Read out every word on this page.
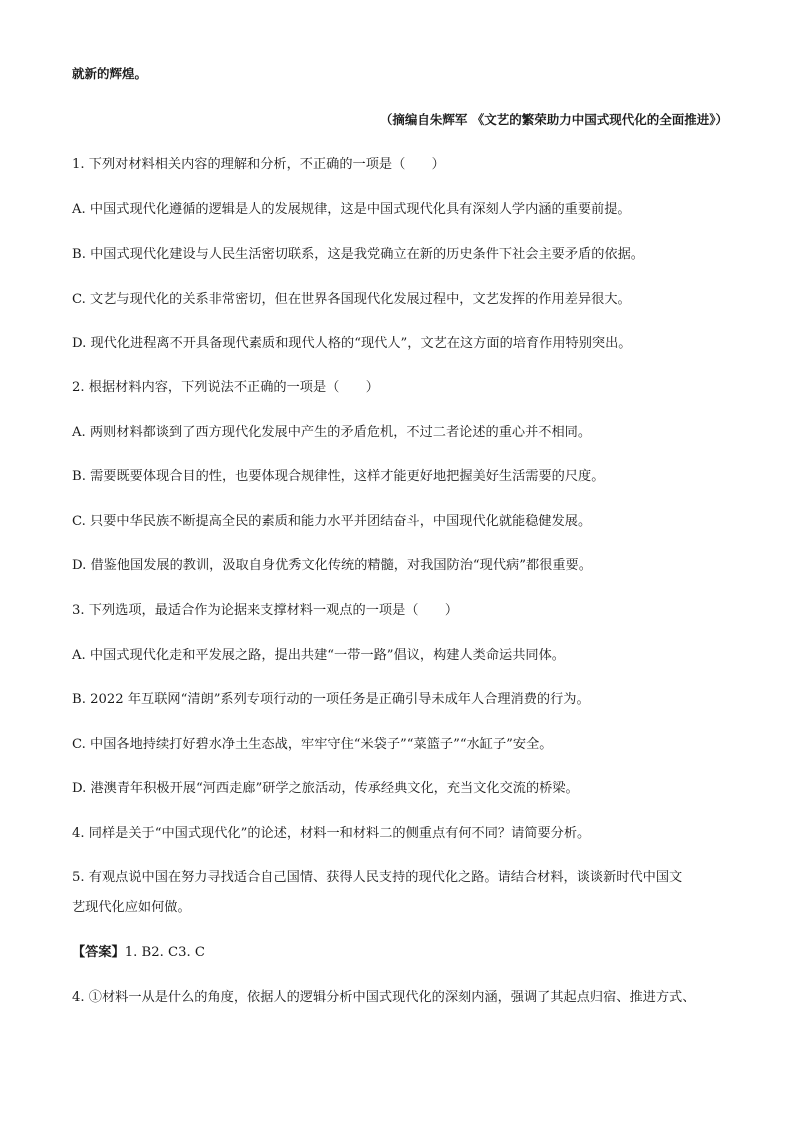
就新的辉煌。
（摘编自朱辉军 《文艺的繁荣助力中国式现代化的全面推进》）
1. 下列对材料相关内容的理解和分析，不正确的一项是（　　）
A. 中国式现代化遵循的逻辑是人的发展规律，这是中国式现代化具有深刻人学内涵的重要前提。
B. 中国式现代化建设与人民生活密切联系，这是我党确立在新的历史条件下社会主要矛盾的依据。
C. 文艺与现代化的关系非常密切，但在世界各国现代化发展过程中，文艺发挥的作用差异很大。
D. 现代化进程离不开具备现代素质和现代人格的“现代人”，文艺在这方面的培育作用特别突出。
2. 根据材料内容，下列说法不正确的一项是（　　）
A. 两则材料都谈到了西方现代化发展中产生的矛盾危机，不过二者论述的重心并不相同。
B. 需要既要体现合目的性，也要体现合规律性，这样才能更好地把握美好生活需要的尺度。
C. 只要中华民族不断提高全民的素质和能力水平并团结奋斗，中国现代化就能稳健发展。
D. 借鉴他国发展的教训，汲取自身优秀文化传统的精髓，对我国防治“现代病”都很重要。
3. 下列选项，最适合作为论据来支撑材料一观点的一项是（　　）
A. 中国式现代化走和平发展之路，提出共建“一带一路”倡议，构建人类命运共同体。
B. 2022 年互联网“清朗”系列专项行动的一项任务是正确引导未成年人合理消费的行为。
C. 中国各地持续打好碧水净土生态战，牢牢守住“米袋子”“菜篮子”“水缸子”安全。
D. 港澳青年积极开展“河西走廊”研学之旅活动，传承经典文化，充当文化交流的桥梁。
4. 同样是关于“中国式现代化”的论述，材料一和材料二的侧重点有何不同？请简要分析。
5. 有观点说中国在努力寻找适合自己国情、获得人民支持的现代化之路。请结合材料，谈谈新时代中国文
艺现代化应如何做。
【答案】1. B2. C3. C
4. ①材料一从是什么的角度，依据人的逻辑分析中国式现代化的深刻内涵，强调了其起点归宿、推进方式、
